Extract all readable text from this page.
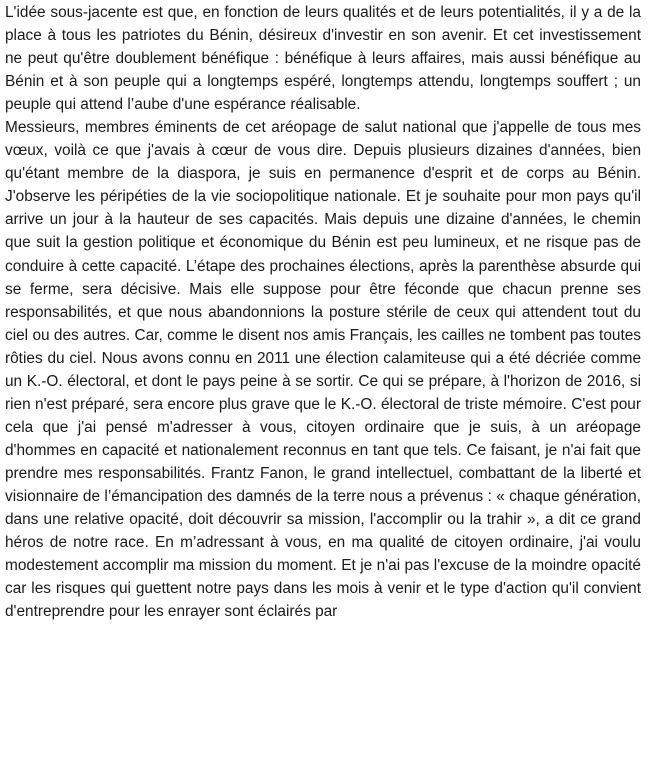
L'idée sous-jacente est que, en fonction de leurs qualités et de leurs potentialités, il y a de la place à tous les patriotes du Bénin, désireux d'investir en son avenir. Et cet investissement ne peut qu'être doublement bénéfique : bénéfique à leurs affaires, mais aussi bénéfique au Bénin et à son peuple qui a longtemps espéré, longtemps attendu, longtemps souffert ; un peuple qui attend l’aube d'une espérance réalisable.

Messieurs, membres éminents de cet aréopage de salut national que j'appelle de tous mes vœux, voilà ce que j'avais à cœur de vous dire. Depuis plusieurs dizaines d'années, bien qu'étant membre de la diaspora, je suis en permanence d'esprit et de corps au Bénin. J'observe les péripéties de la vie sociopolitique nationale. Et je souhaite pour mon pays qu'il arrive un jour à la hauteur de ses capacités. Mais depuis une dizaine d'années, le chemin que suit la gestion politique et économique du Bénin est peu lumineux, et ne risque pas de conduire à cette capacité. L’étape des prochaines élections, après la parenthèse absurde qui se ferme, sera décisive. Mais elle suppose pour être féconde que chacun prenne ses responsabilités, et que nous abandonnions la posture stérile de ceux qui attendent tout du ciel ou des autres. Car, comme le disent nos amis Français, les cailles ne tombent pas toutes rôties du ciel. Nous avons connu en 2011 une élection calamiteuse qui a été décriée comme un K.-O. électoral, et dont le pays peine à se sortir. Ce qui se prépare, à l'horizon de 2016, si rien n'est préparé, sera encore plus grave que le K.-O. électoral de triste mémoire. C'est pour cela que j'ai pensé m'adresser à vous, citoyen ordinaire que je suis, à un aréopage d'hommes en capacité et nationalement reconnus en tant que tels. Ce faisant, je n'ai fait que prendre mes responsabilités. Frantz Fanon, le grand intellectuel, combattant de la liberté et visionnaire de l’émancipation des damnés de la terre nous a prévenus : « chaque génération, dans une relative opacité, doit découvrir sa mission, l'accomplir ou la trahir », a dit ce grand héros de notre race. En m’adressant à vous, en ma qualité de citoyen ordinaire, j'ai voulu modestement accomplir ma mission du moment. Et je n'ai pas l'excuse de la moindre opacité car les risques qui guettent notre pays dans les mois à venir et le type d'action qu'il convient d'entreprendre pour les enrayer sont éclairés par
